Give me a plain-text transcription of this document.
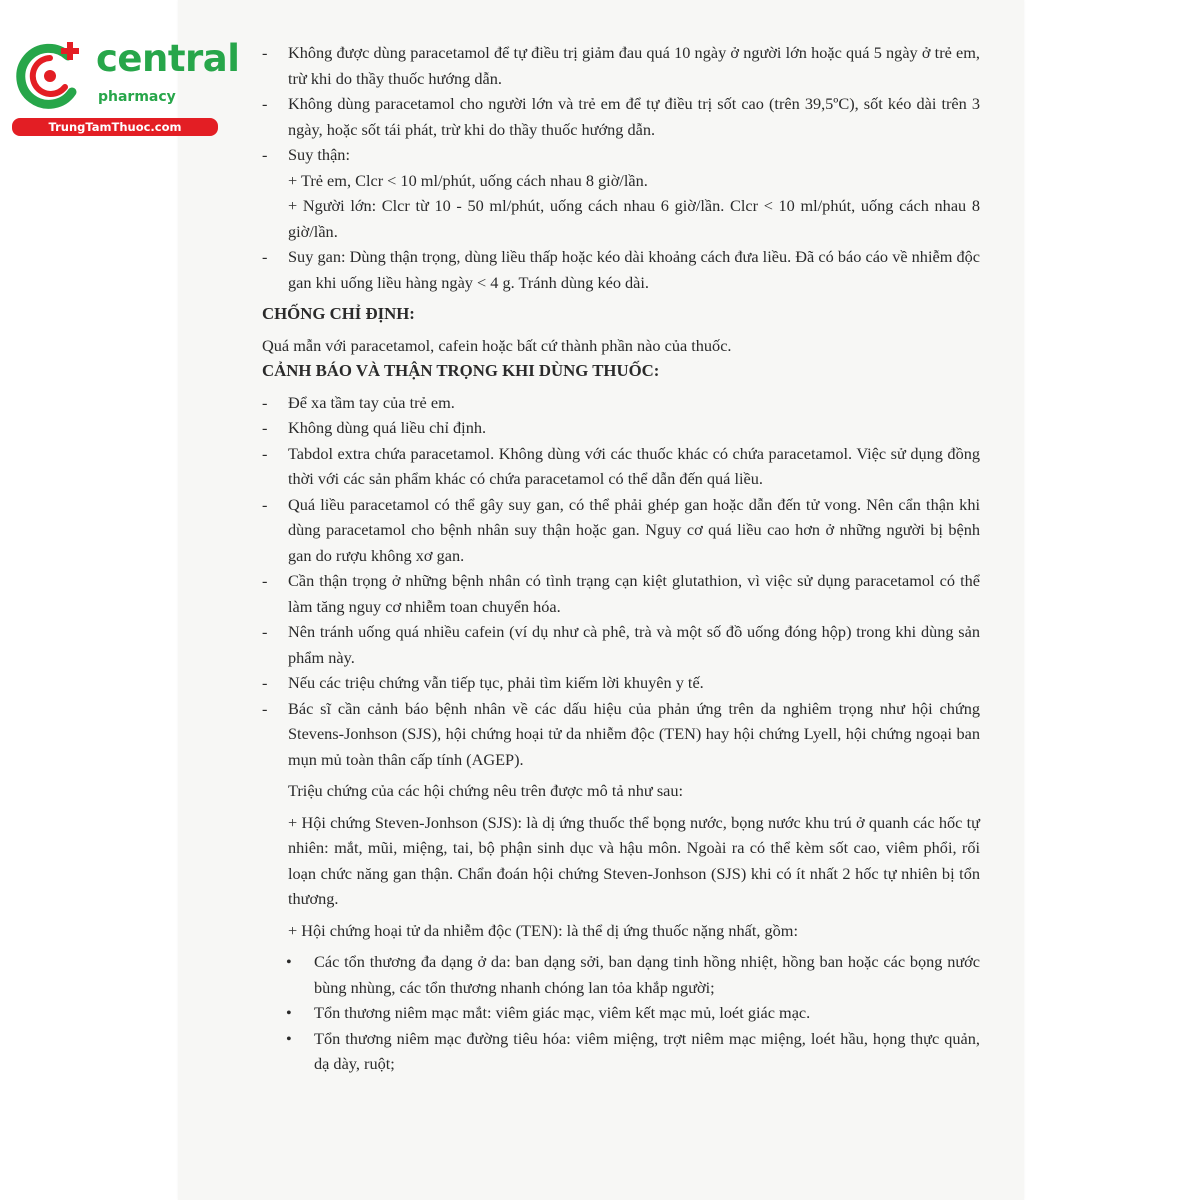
central
pharmacy
TrungTamThuoc.com

- Không được dùng paracetamol để tự điều trị giảm đau quá 10 ngày ở người lớn hoặc quá 5 ngày ở trẻ em, trừ khi do thầy thuốc hướng dẫn.

- Không dùng paracetamol cho người lớn và trẻ em để tự điều trị sốt cao (trên 39,5ºC), sốt kéo dài trên 3 ngày, hoặc sốt tái phát, trừ khi do thầy thuốc hướng dẫn.

- Suy thận:

+ Trẻ em, Clcr < 10 ml/phút, uống cách nhau 8 giờ/lần.

+ Người lớn: Clcr từ 10 - 50 ml/phút, uống cách nhau 6 giờ/lần. Clcr < 10 ml/phút, uống cách nhau 8 giờ/lần.

- Suy gan: Dùng thận trọng, dùng liều thấp hoặc kéo dài khoảng cách đưa liều. Đã có báo cáo về nhiễm độc gan khi uống liều hàng ngày < 4 g. Tránh dùng kéo dài.

CHỐNG CHỈ ĐỊNH:

Quá mẫn với paracetamol, cafein hoặc bất cứ thành phần nào của thuốc.

CẢNH BÁO VÀ THẬN TRỌNG KHI DÙNG THUỐC:

- Để xa tầm tay của trẻ em.

- Không dùng quá liều chỉ định.

- Tabdol extra chứa paracetamol. Không dùng với các thuốc khác có chứa paracetamol. Việc sử dụng đồng thời với các sản phẩm khác có chứa paracetamol có thể dẫn đến quá liều.

- Quá liều paracetamol có thể gây suy gan, có thể phải ghép gan hoặc dẫn đến tử vong. Nên cẩn thận khi dùng paracetamol cho bệnh nhân suy thận hoặc gan. Nguy cơ quá liều cao hơn ở những người bị bệnh gan do rượu không xơ gan.

- Cần thận trọng ở những bệnh nhân có tình trạng cạn kiệt glutathion, vì việc sử dụng paracetamol có thể làm tăng nguy cơ nhiễm toan chuyển hóa.

- Nên tránh uống quá nhiều cafein (ví dụ như cà phê, trà và một số đồ uống đóng hộp) trong khi dùng sản phẩm này.

- Nếu các triệu chứng vẫn tiếp tục, phải tìm kiếm lời khuyên y tế.

- Bác sĩ cần cảnh báo bệnh nhân về các dấu hiệu của phản ứng trên da nghiêm trọng như hội chứng Stevens-Jonhson (SJS), hội chứng hoại tử da nhiễm độc (TEN) hay hội chứng Lyell, hội chứng ngoại ban mụn mủ toàn thân cấp tính (AGEP).

Triệu chứng của các hội chứng nêu trên được mô tả như sau:

+ Hội chứng Steven-Jonhson (SJS): là dị ứng thuốc thể bọng nước, bọng nước khu trú ở quanh các hốc tự nhiên: mắt, mũi, miệng, tai, bộ phận sinh dục và hậu môn. Ngoài ra có thể kèm sốt cao, viêm phổi, rối loạn chức năng gan thận. Chẩn đoán hội chứng Steven-Jonhson (SJS) khi có ít nhất 2 hốc tự nhiên bị tổn thương.

+ Hội chứng hoại tử da nhiễm độc (TEN): là thể dị ứng thuốc nặng nhất, gồm:

• Các tổn thương đa dạng ở da: ban dạng sởi, ban dạng tinh hồng nhiệt, hồng ban hoặc các bọng nước bùng nhùng, các tổn thương nhanh chóng lan tỏa khắp người;

• Tổn thương niêm mạc mắt: viêm giác mạc, viêm kết mạc mủ, loét giác mạc.

• Tổn thương niêm mạc đường tiêu hóa: viêm miệng, trợt niêm mạc miệng, loét hầu, họng thực quản, dạ dày, ruột;
